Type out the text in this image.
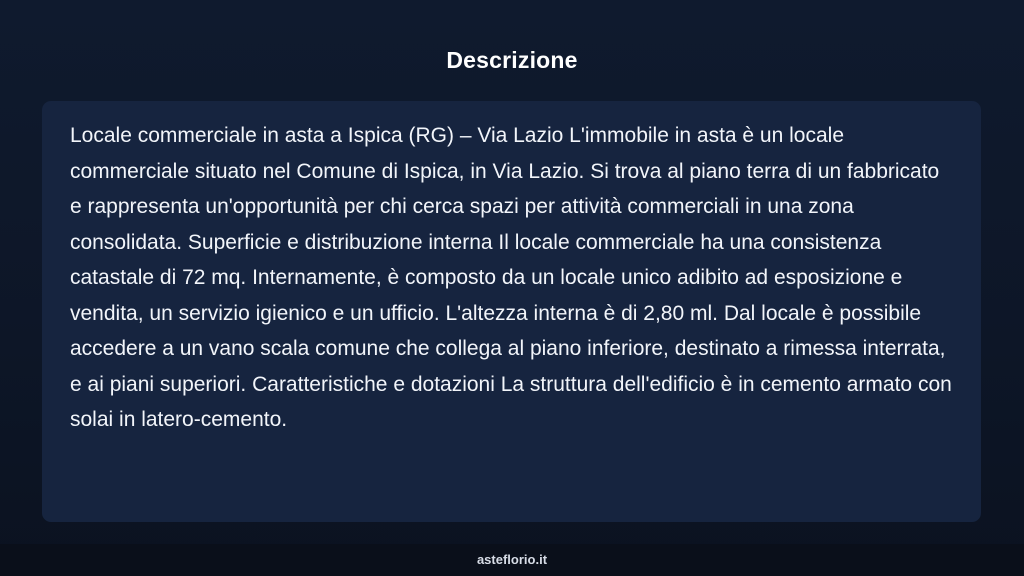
Descrizione

Locale commerciale in asta a Ispica (RG) – Via Lazio L'immobile in asta è un locale commerciale situato nel Comune di Ispica, in Via Lazio. Si trova al piano terra di un fabbricato e rappresenta un'opportunità per chi cerca spazi per attività commerciali in una zona consolidata. Superficie e distribuzione interna Il locale commerciale ha una consistenza catastale di 72 mq. Internamente, è composto da un locale unico adibito ad esposizione e vendita, un servizio igienico e un ufficio. L'altezza interna è di 2,80 ml. Dal locale è possibile accedere a un vano scala comune che collega al piano inferiore, destinato a rimessa interrata, e ai piani superiori. Caratteristiche e dotazioni La struttura dell'edificio è in cemento armato con solai in latero-cemento.

asteflorio.it
